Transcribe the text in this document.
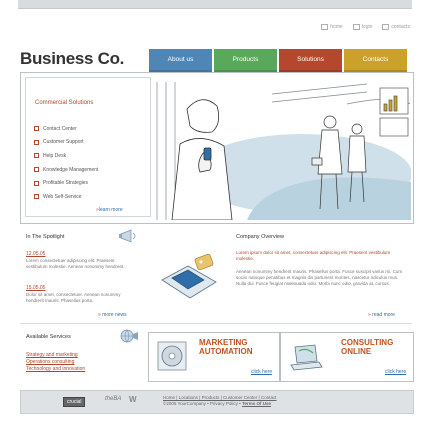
home	login	contacts
Business Co.	About us	Products	Solutions	Contacts
Commercial Solutions
Contact Center
Customer Support
Help Desk
Knowledge Management
Profitable Strategies
Web Self-Service
» learn more
In The Spotlight
12.05.05
Lorem consectetuer adipiscing elit. Praesent vestibulum molestie. Aenean nonummy hendrerit.
15.05.05
Dolor sit amet, consectetuer. Aenean nonummy hendrerit mauris. Phasellus porta.
» more news
Company Overview
Lorem ipsum dolor sit amet, consectetuer adipiscing elit. Praesent vestibulum molestie.
Aenean nonummy hendrerit mauris. Phasellus porta. Fusce suscipit varius mi. Cum sociis natoque penatibus et magnis dis parturient montes, nascetur ridiculus mus. Nulla dui. Fusce feugiat malesuada odio. Morbi nunc odio, gravida at, cursus.
» read more
Available Services
Strategy and marketing
Operations consulting
Technology and innovation
MARKETING
AUTOMATION
click here
CONSULTING
ONLINE
click here
crucial	theBA W	Home | Locations | Products | Customer Center | Contact
©2005 YourCompany • Privacy Policy • Terms Of Use
